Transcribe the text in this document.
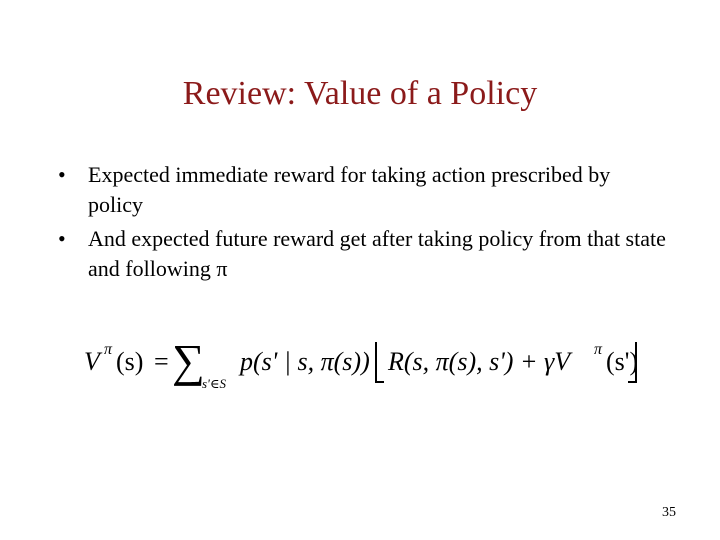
Review: Value of a Policy
• Expected immediate reward for taking action prescribed by policy
• And expected future reward get after taking policy from that state and following π
V π (s) = ∑
s'∈S
p(s' | s, π(s)) R(s, π(s), s') + γV π (s')
35
